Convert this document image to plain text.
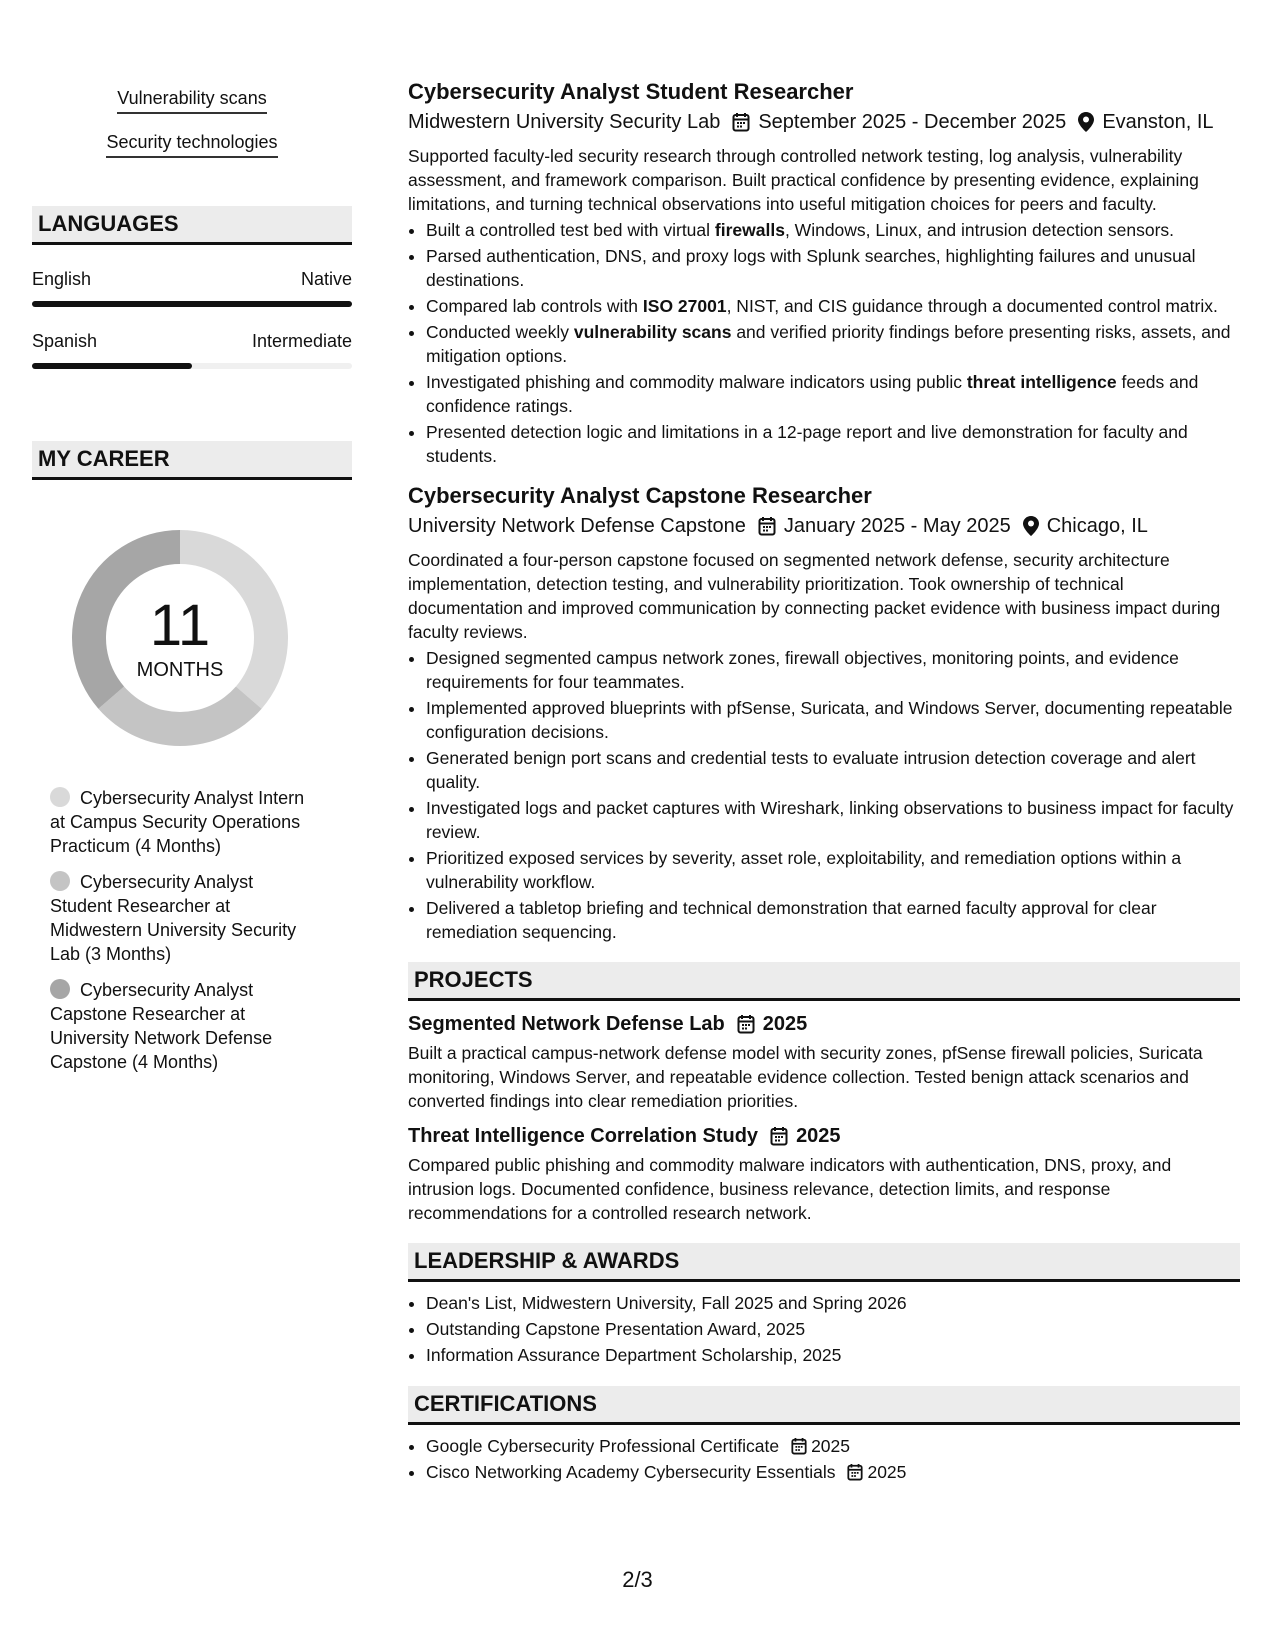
Vulnerability scans
Security technologies
LANGUAGES
English	Native
Spanish	Intermediate
MY CAREER
11
MONTHS
Cybersecurity Analyst Intern at Campus Security Operations Practicum (4 Months)
Cybersecurity Analyst Student Researcher at Midwestern University Security Lab (3 Months)
Cybersecurity Analyst Capstone Researcher at University Network Defense Capstone (4 Months)
Cybersecurity Analyst Student Researcher
Midwestern University Security Lab September 2025 - December 2025 Evanston, IL
Supported faculty-led security research through controlled network testing, log analysis, vulnerability assessment, and framework comparison. Built practical confidence by presenting evidence, explaining limitations, and turning technical observations into useful mitigation choices for peers and faculty.
• Built a controlled test bed with virtual firewalls, Windows, Linux, and intrusion detection sensors.
• Parsed authentication, DNS, and proxy logs with Splunk searches, highlighting failures and unusual destinations.
• Compared lab controls with ISO 27001, NIST, and CIS guidance through a documented control matrix.
• Conducted weekly vulnerability scans and verified priority findings before presenting risks, assets, and mitigation options.
• Investigated phishing and commodity malware indicators using public threat intelligence feeds and confidence ratings.
• Presented detection logic and limitations in a 12-page report and live demonstration for faculty and students.
Cybersecurity Analyst Capstone Researcher
University Network Defense Capstone January 2025 - May 2025 Chicago, IL
Coordinated a four-person capstone focused on segmented network defense, security architecture implementation, detection testing, and vulnerability prioritization. Took ownership of technical documentation and improved communication by connecting packet evidence with business impact during faculty reviews.
• Designed segmented campus network zones, firewall objectives, monitoring points, and evidence requirements for four teammates.
• Implemented approved blueprints with pfSense, Suricata, and Windows Server, documenting repeatable configuration decisions.
• Generated benign port scans and credential tests to evaluate intrusion detection coverage and alert quality.
• Investigated logs and packet captures with Wireshark, linking observations to business impact for faculty review.
• Prioritized exposed services by severity, asset role, exploitability, and remediation options within a vulnerability workflow.
• Delivered a tabletop briefing and technical demonstration that earned faculty approval for clear remediation sequencing.
PROJECTS
Segmented Network Defense Lab 2025
Built a practical campus-network defense model with security zones, pfSense firewall policies, Suricata monitoring, Windows Server, and repeatable evidence collection. Tested benign attack scenarios and converted findings into clear remediation priorities.
Threat Intelligence Correlation Study 2025
Compared public phishing and commodity malware indicators with authentication, DNS, proxy, and intrusion logs. Documented confidence, business relevance, detection limits, and response recommendations for a controlled research network.
LEADERSHIP & AWARDS
• Dean's List, Midwestern University, Fall 2025 and Spring 2026
• Outstanding Capstone Presentation Award, 2025
• Information Assurance Department Scholarship, 2025
CERTIFICATIONS
• Google Cybersecurity Professional Certificate 2025
• Cisco Networking Academy Cybersecurity Essentials 2025
2/3
